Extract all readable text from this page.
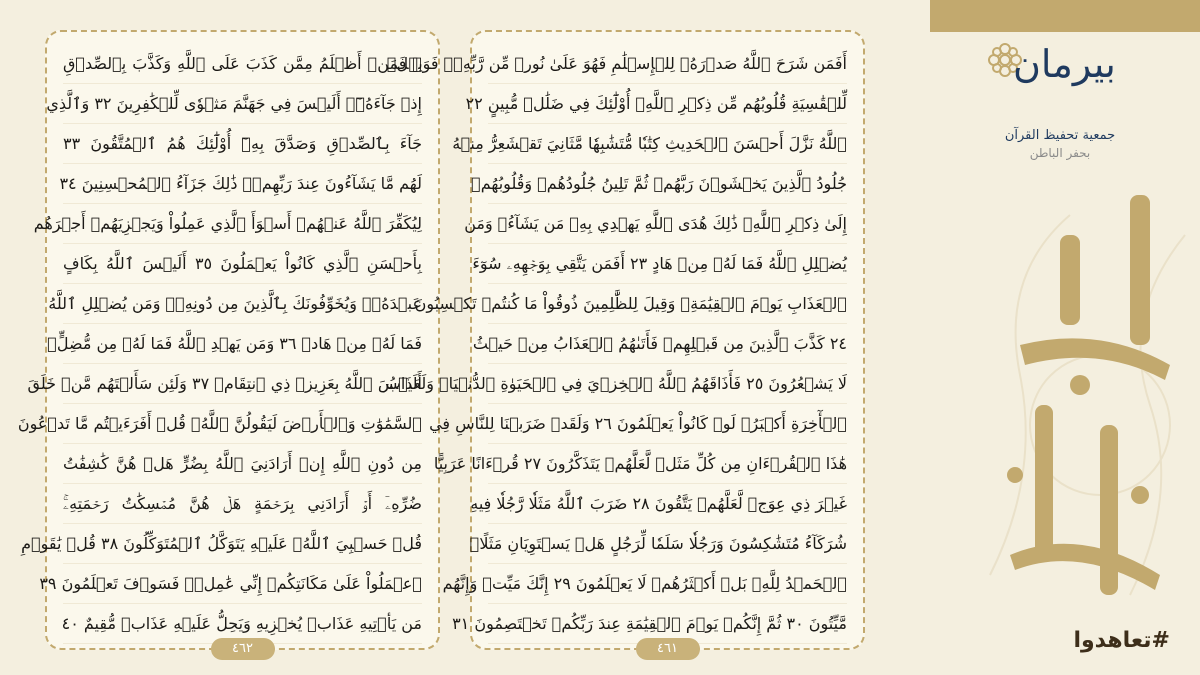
۞ فَمَنۡ أَظۡلَمُ مِمَّن كَذَبَ عَلَى ٱللَّهِ وَكَذَّبَ بِٱلصِّدۡقِ
إِذۡ جَآءَهُۥٓۚ أَلَيۡسَ فِي جَهَنَّمَ مَثۡوٗى لِّلۡكَٰفِرِينَ ٣٢ وَٱلَّذِي
جَآءَ بِٱلصِّدۡقِ وَصَدَّقَ بِهِۦٓ أُوْلَٰٓئِكَ هُمُ ٱلۡمُتَّقُونَ ٣٣
لَهُم مَّا يَشَآءُونَ عِندَ رَبِّهِمۡۚ ذَٰلِكَ جَزَآءُ ٱلۡمُحۡسِنِينَ ٣٤
لِيُكَفِّرَ ٱللَّهُ عَنۡهُمۡ أَسۡوَأَ ٱلَّذِي عَمِلُواْ وَيَجۡزِيَهُمۡ أَجۡرَهُم
بِأَحۡسَنِ ٱلَّذِي كَانُواْ يَعۡمَلُونَ ٣٥ أَلَيۡسَ ٱللَّهُ بِكَافٍ
عَبۡدَهُۥۖ وَيُخَوِّفُونَكَ بِٱلَّذِينَ مِن دُونِهِۦۚ وَمَن يُضۡلِلِ ٱللَّهُ
فَمَا لَهُۥ مِنۡ هَادٖ ٣٦ وَمَن يَهۡدِ ٱللَّهُ فَمَا لَهُۥ مِن مُّضِلٍّۗ
أَلَيۡسَ ٱللَّهُ بِعَزِيزٖ ذِي ٱنتِقَامٖ ٣٧ وَلَئِن سَأَلۡتَهُم مَّنۡ خَلَقَ
ٱلسَّمَٰوَٰتِ وَٱلۡأَرۡضَ لَيَقُولُنَّ ٱللَّهُۚ قُلۡ أَفَرَءَيۡتُم مَّا تَدۡعُونَ
مِن دُونِ ٱللَّهِ إِنۡ أَرَادَنِيَ ٱللَّهُ بِضُرٍّ هَلۡ هُنَّ كَٰشِفَٰتُ
ضُرِّهِۦٓ أَوۡ أَرَادَنِي بِرَحۡمَةٍ هَلۡ هُنَّ مُمۡسِكَٰتُ رَحۡمَتِهِۦۚ
قُلۡ حَسۡبِيَ ٱللَّهُۖ عَلَيۡهِ يَتَوَكَّلُ ٱلۡمُتَوَكِّلُونَ ٣٨ قُلۡ يَٰقَوۡمِ
ٱعۡمَلُواْ عَلَىٰ مَكَانَتِكُمۡ إِنِّي عَٰمِلٞۖ فَسَوۡفَ تَعۡلَمُونَ ٣٩
مَن يَأۡتِيهِ عَذَابٞ يُخۡزِيهِ وَيَحِلُّ عَلَيۡهِ عَذَابٞ مُّقِيمٌ ٤٠
٤٦٢
أَفَمَن شَرَحَ ٱللَّهُ صَدۡرَهُۥ لِلۡإِسۡلَٰمِ فَهُوَ عَلَىٰ نُورٖ مِّن رَّبِّهِۦۚ فَوَيۡلٞ
لِّلۡقَٰسِيَةِ قُلُوبُهُم مِّن ذِكۡرِ ٱللَّهِۚ أُوْلَٰٓئِكَ فِي ضَلَٰلٖ مُّبِينٍ ٢٢
ٱللَّهُ نَزَّلَ أَحۡسَنَ ٱلۡحَدِيثِ كِتَٰبٗا مُّتَشَٰبِهٗا مَّثَانِيَ تَقۡشَعِرُّ مِنۡهُ
جُلُودُ ٱلَّذِينَ يَخۡشَوۡنَ رَبَّهُمۡ ثُمَّ تَلِينُ جُلُودُهُمۡ وَقُلُوبُهُمۡ
إِلَىٰ ذِكۡرِ ٱللَّهِۚ ذَٰلِكَ هُدَى ٱللَّهِ يَهۡدِي بِهِۦ مَن يَشَآءُۚ وَمَن
يُضۡلِلِ ٱللَّهُ فَمَا لَهُۥ مِنۡ هَادٍ ٢٣ أَفَمَن يَتَّقِي بِوَجۡهِهِۦ سُوٓءَ
ٱلۡعَذَابِ يَوۡمَ ٱلۡقِيَٰمَةِۚ وَقِيلَ لِلظَّٰلِمِينَ ذُوقُواْ مَا كُنتُمۡ تَكۡسِبُونَ
٢٤ كَذَّبَ ٱلَّذِينَ مِن قَبۡلِهِمۡ فَأَتَىٰهُمُ ٱلۡعَذَابُ مِنۡ حَيۡثُ
لَا يَشۡعُرُونَ ٢٥ فَأَذَاقَهُمُ ٱللَّهُ ٱلۡخِزۡيَ فِي ٱلۡحَيَوٰةِ ٱلدُّنۡيَاۖ وَلَعَذَابُ
ٱلۡأٓخِرَةِ أَكۡبَرُۚ لَوۡ كَانُواْ يَعۡلَمُونَ ٢٦ وَلَقَدۡ ضَرَبۡنَا لِلنَّاسِ فِي
هَٰذَا ٱلۡقُرۡءَانِ مِن كُلِّ مَثَلٖ لَّعَلَّهُمۡ يَتَذَكَّرُونَ ٢٧ قُرۡءَانًا عَرَبِيًّا
غَيۡرَ ذِي عِوَجٖ لَّعَلَّهُمۡ يَتَّقُونَ ٢٨ ضَرَبَ ٱللَّهُ مَثَلٗا رَّجُلٗا فِيهِ
شُرَكَآءُ مُتَشَٰكِسُونَ وَرَجُلٗا سَلَمٗا لِّرَجُلٍ هَلۡ يَسۡتَوِيَانِ مَثَلًاۚ
ٱلۡحَمۡدُ لِلَّهِۚ بَلۡ أَكۡثَرُهُمۡ لَا يَعۡلَمُونَ ٢٩ إِنَّكَ مَيِّتٞ وَإِنَّهُم
مَّيِّتُونَ ٣٠ ثُمَّ إِنَّكُمۡ يَوۡمَ ٱلۡقِيَٰمَةِ عِندَ رَبِّكُمۡ تَخۡتَصِمُونَ ٣١
٤٦١
بيرمان
جمعية تحفيظ القرآن
بحفر الباطن
#تعاهدوا
